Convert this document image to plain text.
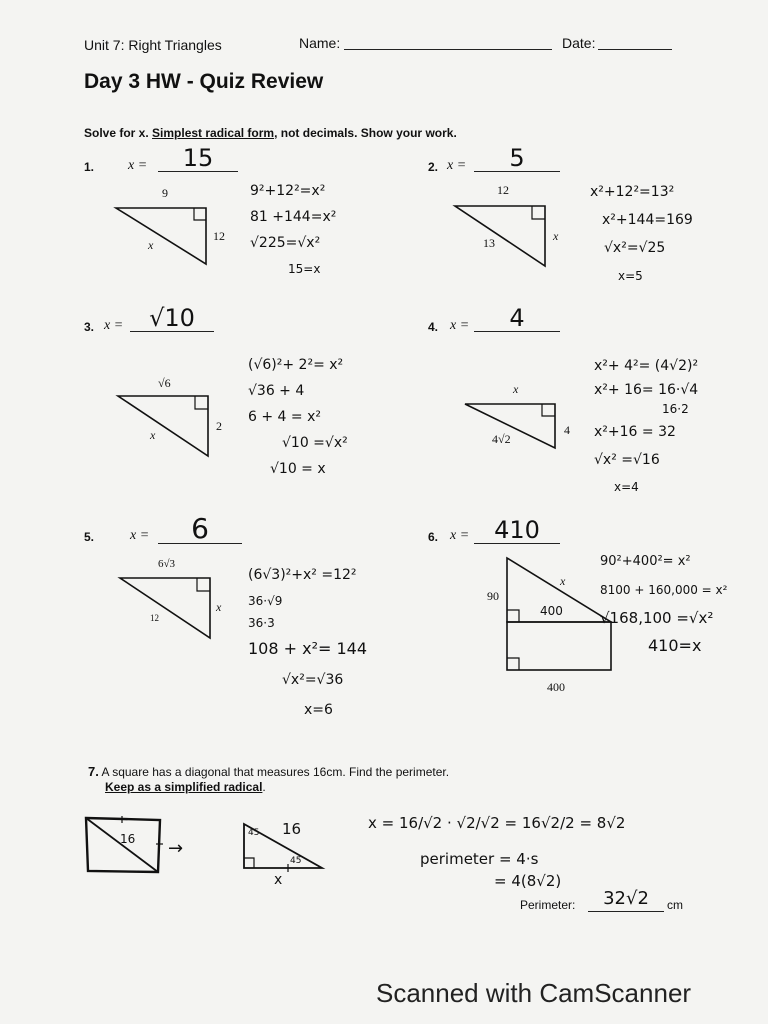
Unit 7: Right Triangles	Name:	Date:
Day 3 HW - Quiz Review
Solve for x. Simplest radical form, not decimals. Show your work.
1. x =	15
9
12
x
9²+12²=x²
81 +144=x²
√225=√x²
15=x
2. x =	5
12
x
13
x²+12²=13²
x²+144=169
√x²=√25
x=5
3. x =	√10
√6
2
x
(√6)²+ 2²= x²
√36 + 4
6 + 4 = x²
√10 =√x²
√10 = x
4. x =	4
x
4
4√2
x²+ 4²= (4√2)²
x²+ 16= 16·√4
16·2
x²+16 = 32
√x² =√16
x=4
5.	x =	6
6√3
x
12
(6√3)²+x² =12²
36·√9
36·3
108 + x²= 144
√x²=√36
x=6
6. x =	410
90
x
400
400
90²+400²= x²
8100 + 160,000 = x²
√168,100 =√x²
410=x
7. A square has a diagonal that measures 16cm. Find the perimeter.
Keep as a simplified radical.
16 →
45 16
45
x
x = 16/√2 · √2/√2 = 16√2/2 = 8√2
perimeter = 4·s
= 4(8√2)
Perimeter:	32√2	cm
Scanned with CamScanner
